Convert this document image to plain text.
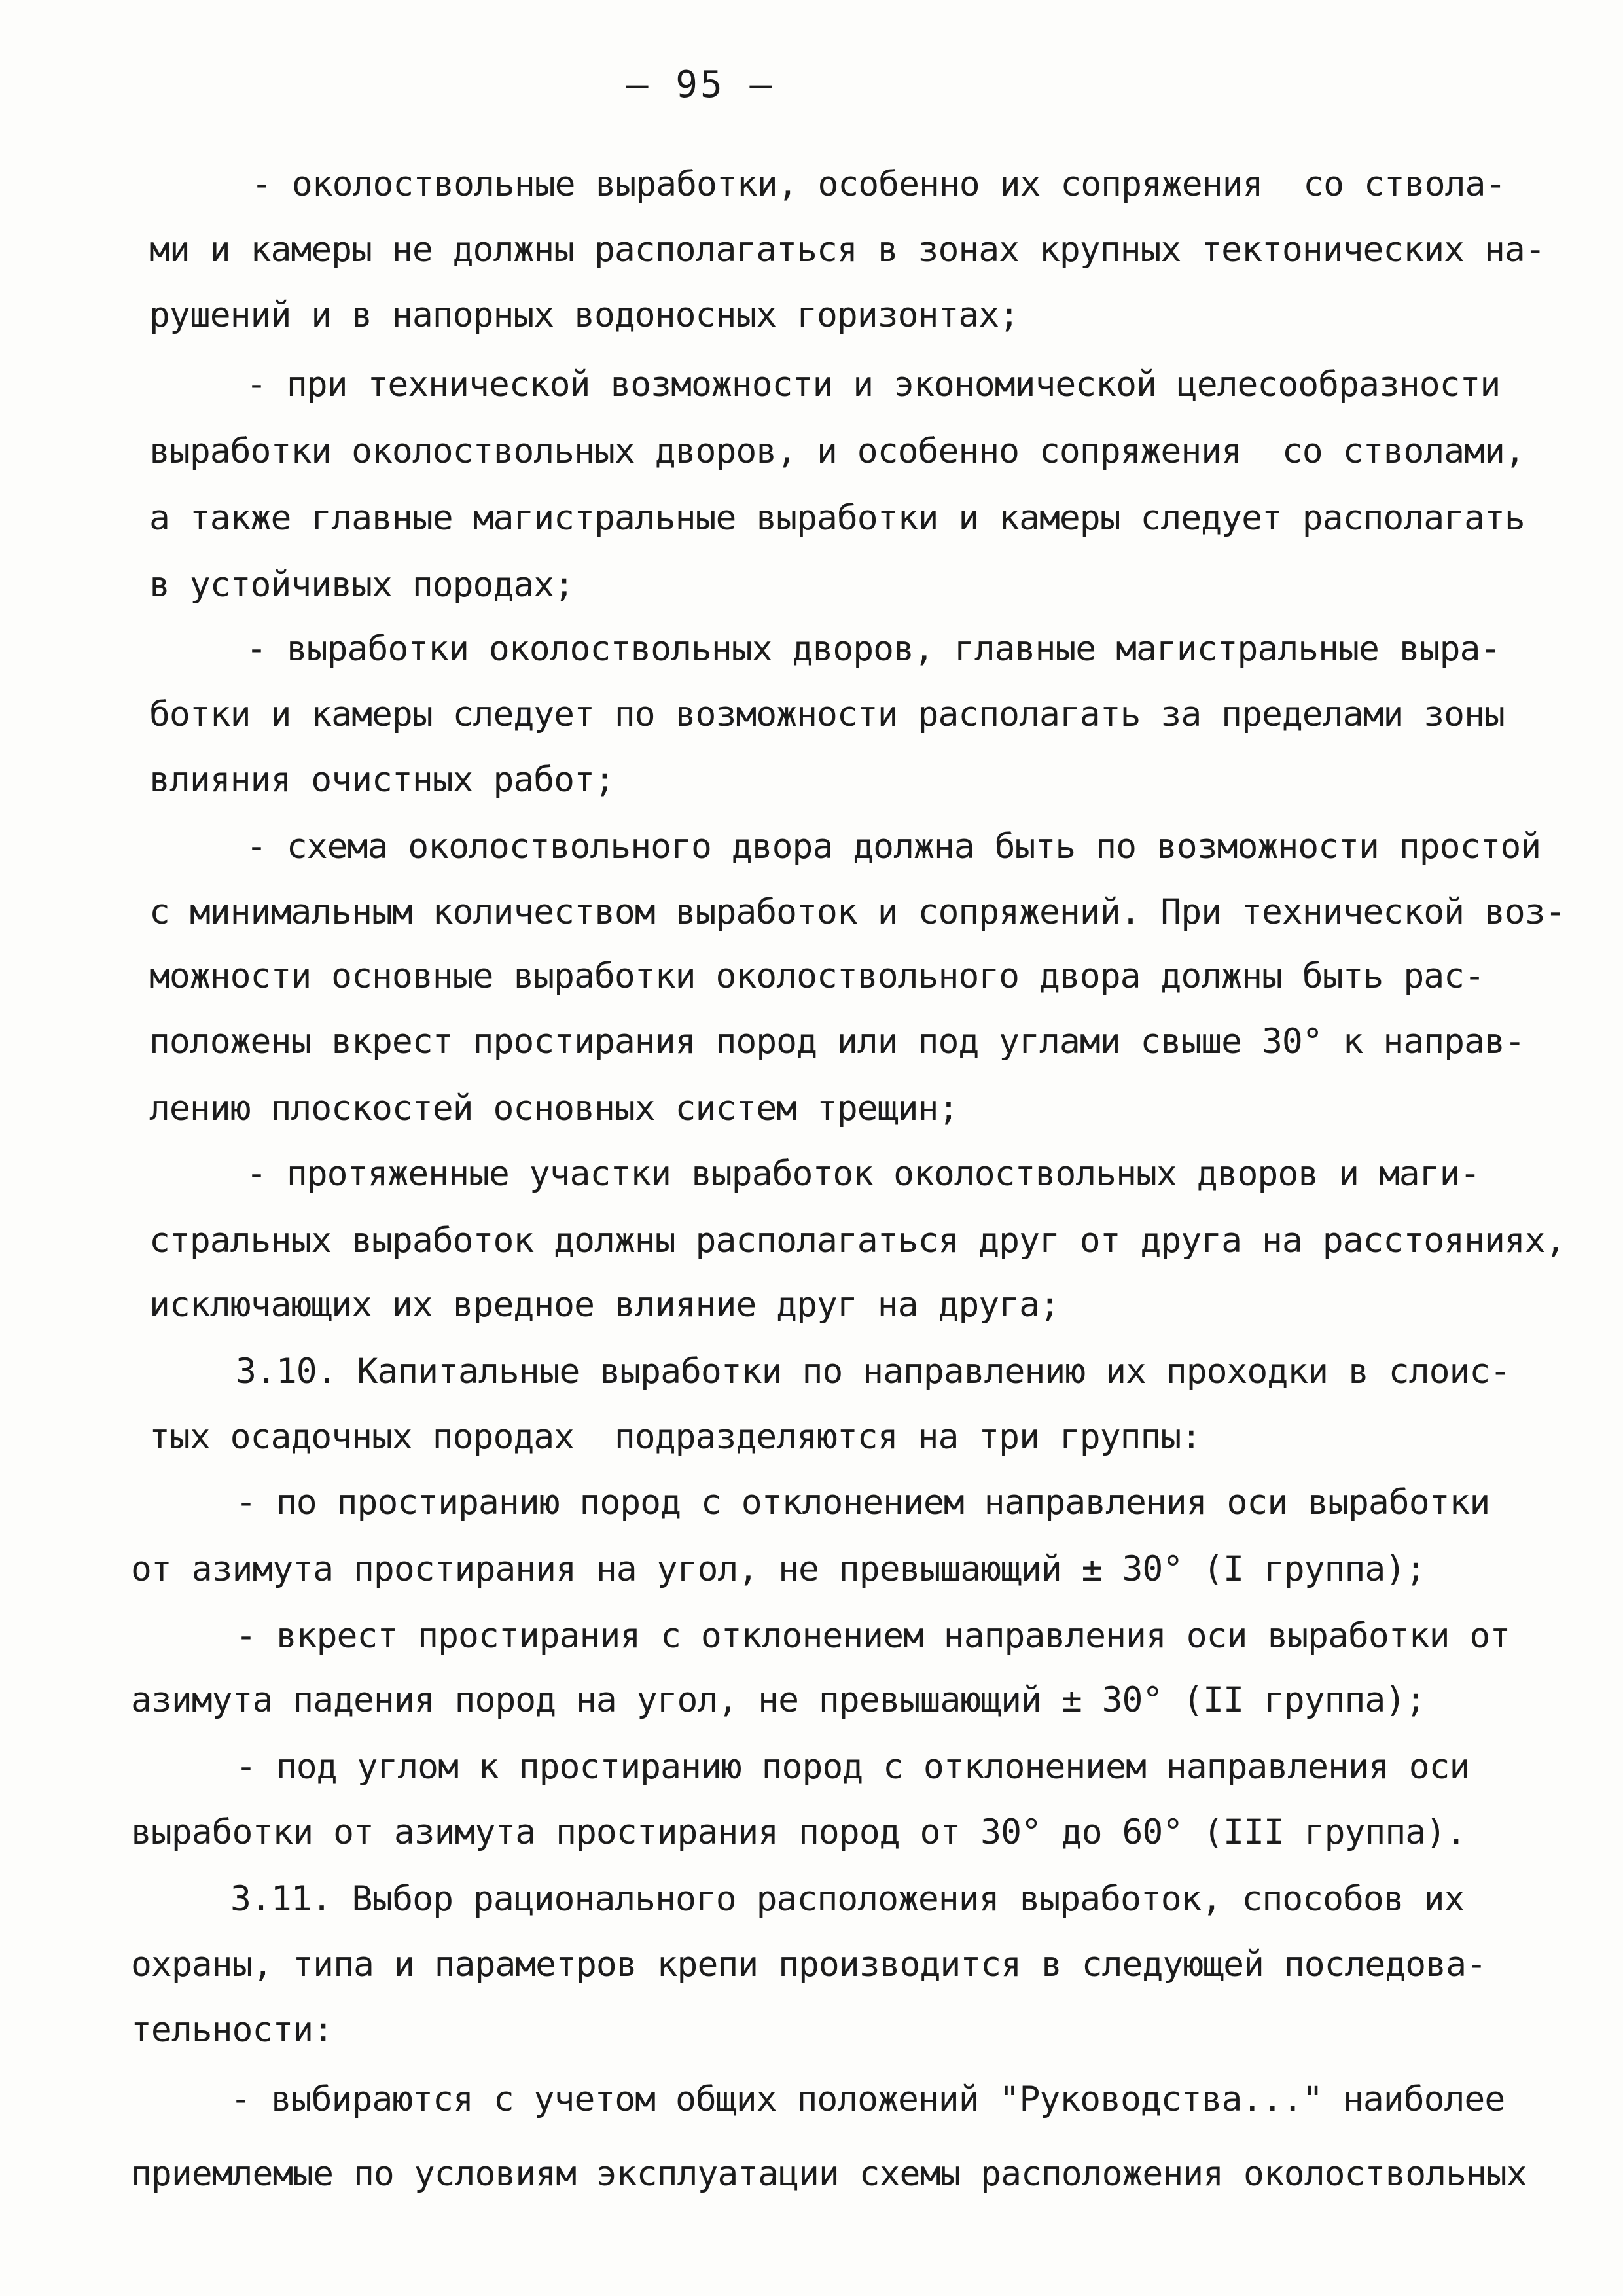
— 95 —
- околоствольные выработки, особенно их сопряжения  со ствола-
ми и камеры не должны располагаться в зонах крупных тектонических на-
рушений и в напорных водоносных горизонтах;
- при технической возможности и экономической целесообразности
выработки околоствольных дворов, и особенно сопряжения  со стволами,
а также главные магистральные выработки и камеры следует располагать
в устойчивых породах;
- выработки околоствольных дворов, главные магистральные выра-
ботки и камеры следует по возможности располагать за пределами зоны
влияния очистных работ;
- схема околоствольного двора должна быть по возможности простой
с минимальным количеством выработок и сопряжений. При технической воз-
можности основные выработки околоствольного двора должны быть рас-
положены вкрест простирания пород или под углами свыше 30° к направ-
лению плоскостей основных систем трещин;
- протяженные участки выработок околоствольных дворов и маги-
стральных выработок должны располагаться друг от друга на расстояниях,
исключающих их вредное влияние друг на друга;
3.10. Капитальные выработки по направлению их проходки в слоис-
тых осадочных породах  подразделяются на три группы:
- по простиранию пород с отклонением направления оси выработки
от азимута простирания на угол, не превышающий ± 30° (I группа);
- вкрест простирания с отклонением направления оси выработки от
азимута падения пород на угол, не превышающий ± 30° (II группа);
- под углом к простиранию пород с отклонением направления оси
выработки от азимута простирания пород от 30° до 60° (III группа).
3.11. Выбор рационального расположения выработок, способов их
охраны, типа и параметров крепи производится в следующей последова-
тельности:
- выбираются с учетом общих положений "Руководства..." наиболее
приемлемые по условиям эксплуатации схемы расположения околоствольных
